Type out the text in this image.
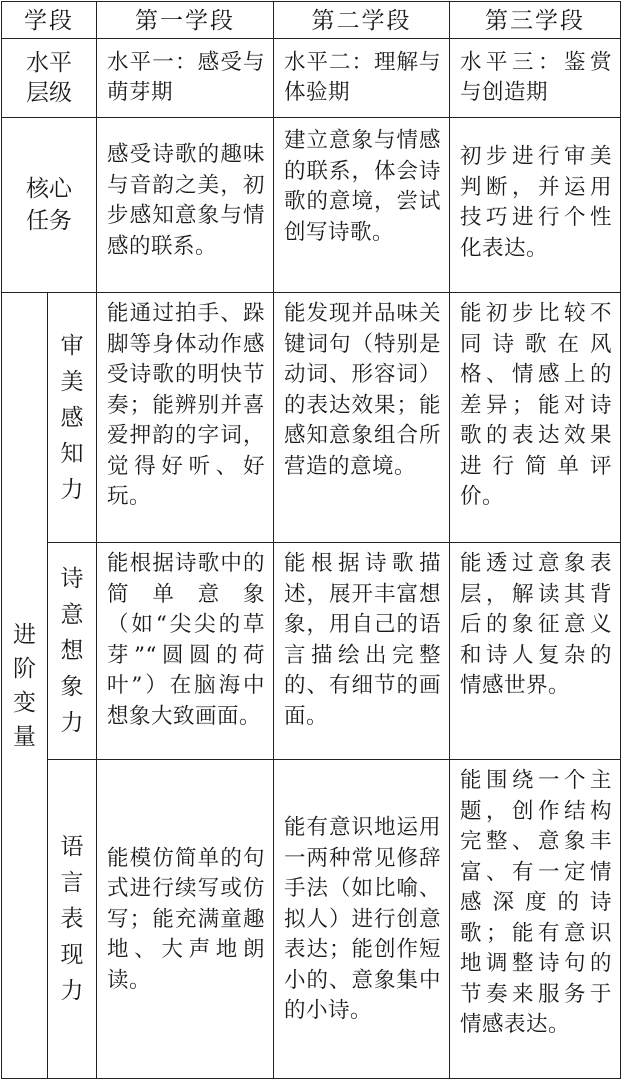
学段		第一学段	第二学段	第三学段

水平层级		水平一：感受与萌芽期	水平二：理解与体验期	水平三：鉴赏与创造期

核心任务		感受诗歌的趣味与音韵之美，初步感知意象与情感的联系。	建立意象与情感的联系，体会诗歌的意境，尝试创写诗歌。	初步进行审美判断，并运用技巧进行个性化表达。

进阶变量	审美感知力	能通过拍手、跺脚等身体动作感受诗歌的明快节奏；能辨别并喜爱押韵的字词，觉得好听、好玩。	能发现并品味关键词句（特别是动词、形容词）的表达效果；能感知意象组合所营造的意境。	能初步比较不同诗歌在风格、情感上的差异；能对诗歌的表达效果进行简单评价。

	诗意想象力	能根据诗歌中的简单意象（如“尖尖的草芽”“圆圆的荷叶”）在脑海中想象大致画面。	能根据诗歌描述，展开丰富想象，用自己的语言描绘出完整的、有细节的画面。	能透过意象表层，解读其背后的象征意义和诗人复杂的情感世界。

	语言表现力	能模仿简单的句式进行续写或仿写；能充满童趣地、大声地朗读。	能有意识地运用一两种常见修辞手法（如比喻、拟人）进行创意表达；能创作短小的、意象集中的小诗。	能围绕一个主题，创作结构完整、意象丰富、有一定情感深度的诗歌；能有意识地调整诗句的节奏来服务于情感表达。
